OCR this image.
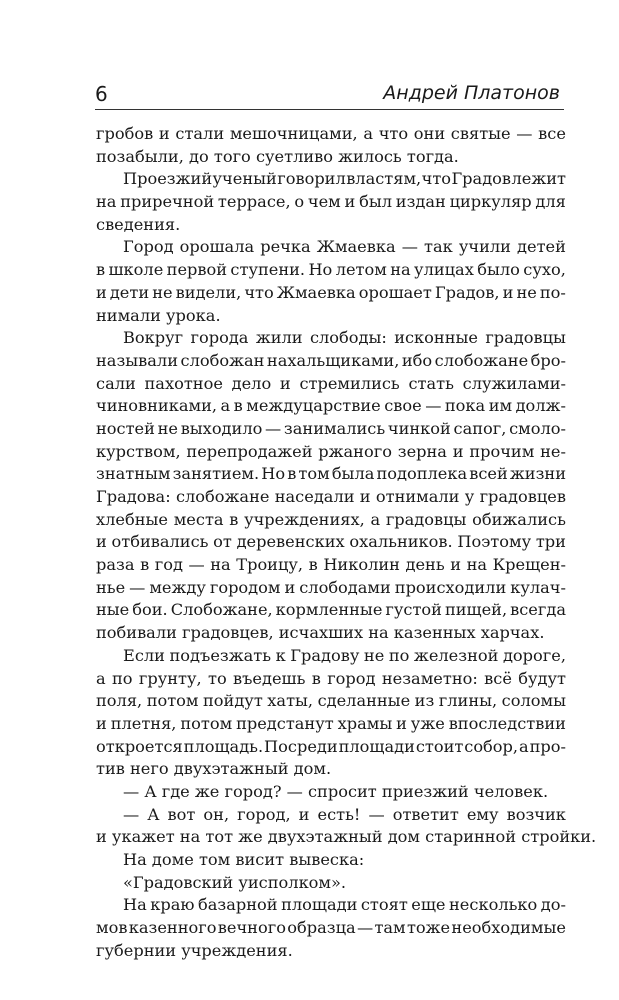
6	Андрей Платонов
гробов и стали мешочницами, а что они святые — все
позабыли, до того суетливо жилось тогда.
Проезжий ученый говорил властям, что Градов лежит
на приречной террасе, о чем и был издан циркуляр для
сведения.
Город орошала речка Жмаевка — так учили детей
в школе первой ступени. Но летом на улицах было сухо,
и дети не видели, что Жмаевка орошает Градов, и не по-
нимали урока.
Вокруг города жили слободы: исконные градовцы
называли слобожан нахальщиками, ибо слобожане бро-
сали пахотное дело и стремились стать служилами-
чиновниками, а в междуцарствие свое — пока им долж-
ностей не выходило — занимались чинкой сапог, смоло-
курством, перепродажей ржаного зерна и прочим не-
знатным занятием. Но в том была подоплека всей жизни
Градова: слобожане наседали и отнимали у градовцев
хлебные места в учреждениях, а градовцы обижались
и отбивались от деревенских охальников. Поэтому три
раза в год — на Троицу, в Николин день и на Крещен-
нье — между городом и слободами происходили кулач-
ные бои. Слобожане, кормленные густой пищей, всегда
побивали градовцев, исчахших на казенных харчах.
Если подъезжать к Градову не по железной дороге,
а по грунту, то въедешь в город незаметно: всё будут
поля, потом пойдут хаты, сделанные из глины, соломы
и плетня, потом предстанут храмы и уже впоследствии
откроется площадь. Посреди площади стоит собор, а про-
тив него двухэтажный дом.
— А где же город? — спросит приезжий человек.
— А вот он, город, и есть! — ответит ему возчик
и укажет на тот же двухэтажный дом старинной стройки.
На доме том висит вывеска:
«Градовский уисполком».
На краю базарной площади стоят еще несколько до-
мов казенного вечного образца — там тоже необходимые
губернии учреждения.
